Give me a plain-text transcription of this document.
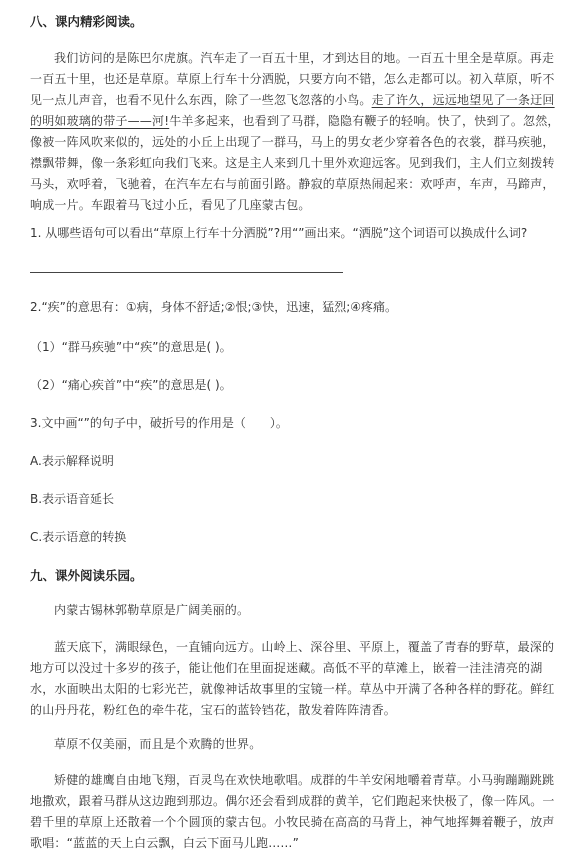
八、课内精彩阅读。
我们访问的是陈巴尔虎旗。汽车走了一百五十里，才到达目的地。一百五十里全是草原。再走一百五十里，也还是草原。草原上行车十分洒脱，只要方向不错，怎么走都可以。初入草原，听不见一点儿声音，也看不见什么东西，除了一些忽飞忽落的小鸟。走了许久，远远地望见了一条迂回的明如玻璃的带子——河!牛羊多起来，也看到了马群，隐隐有鞭子的轻响。快了，快到了。忽然，像被一阵风吹来似的，远处的小丘上出现了一群马，马上的男女老少穿着各色的衣裳，群马疾驰，襟飘带舞，像一条彩虹向我们飞来。这是主人来到几十里外欢迎远客。见到我们，主人们立刻拨转马头，欢呼着，飞驰着，在汽车左右与前面引路。静寂的草原热闹起来：欢呼声，车声，马蹄声，响成一片。车跟着马飞过小丘，看见了几座蒙古包。
1. 从哪些语句可以看出“草原上行车十分洒脱”?用“”画出来。“洒脱”这个词语可以换成什么词?
2.“疾”的意思有：①病，身体不舒适;②恨;③快，迅速，猛烈;④疼痛。
（1）“群马疾驰”中“疾”的意思是( )。
（2）“痛心疾首”中“疾”的意思是( )。
3.文中画“”的句子中，破折号的作用是（　　）。
A.表示解释说明
B.表示语音延长
C.表示语意的转换
九、课外阅读乐园。
内蒙古锡林郭勒草原是广阔美丽的。
蓝天底下，满眼绿色，一直铺向远方。山岭上、深谷里、平原上，覆盖了青春的野草，最深的地方可以没过十多岁的孩子，能让他们在里面捉迷藏。高低不平的草滩上，嵌着一洼洼清亮的湖水，水面映出太阳的七彩光芒，就像神话故事里的宝镜一样。草丛中开满了各种各样的野花。鲜红的山丹丹花，粉红色的牵牛花，宝石的蓝铃铛花，散发着阵阵清香。
草原不仅美丽，而且是个欢腾的世界。
矫健的雄鹰自由地飞翔，百灵鸟在欢快地歌唱。成群的牛羊安闲地嚼着青草。小马驹蹦蹦跳跳地撒欢，跟着马群从这边跑到那边。偶尔还会看到成群的黄羊，它们跑起来快极了，像一阵风。一碧千里的草原上还散着一个个圆顶的蒙古包。小牧民骑在高高的马背上，神气地挥舞着鞭子，放声歌唱：“蓝蓝的天上白云飘，白云下面马儿跑……”
